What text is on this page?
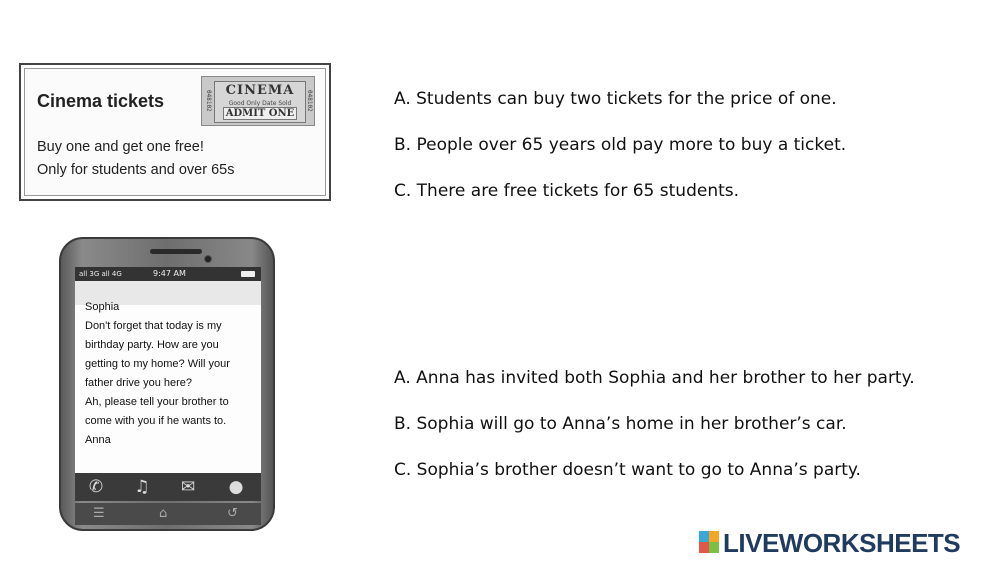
Cinema tickets	048102	CINEMA
Good Only Date Sold
ADMIT ONE
048102
Buy one and get one free!
Only for students and over 65s
A. Students can buy two tickets for the price of one.
B. People over 65 years old pay more to buy a ticket.
C. There are free tickets for 65 students.
all 3G all 4G	9:47 AM
Sophia
Don't forget that today is my
birthday party. How are you
getting to my home? Will your
father drive you here?
Ah, please tell your brother to
come with you if he wants to.
Anna
✆ ♫ ✉ ●
☰	⌂	↺
A. Anna has invited both Sophia and her brother to her party.
B. Sophia will go to Anna’s home in her brother’s car.
C. Sophia’s brother doesn’t want to go to Anna’s party.
LIVEWORKSHEETS
